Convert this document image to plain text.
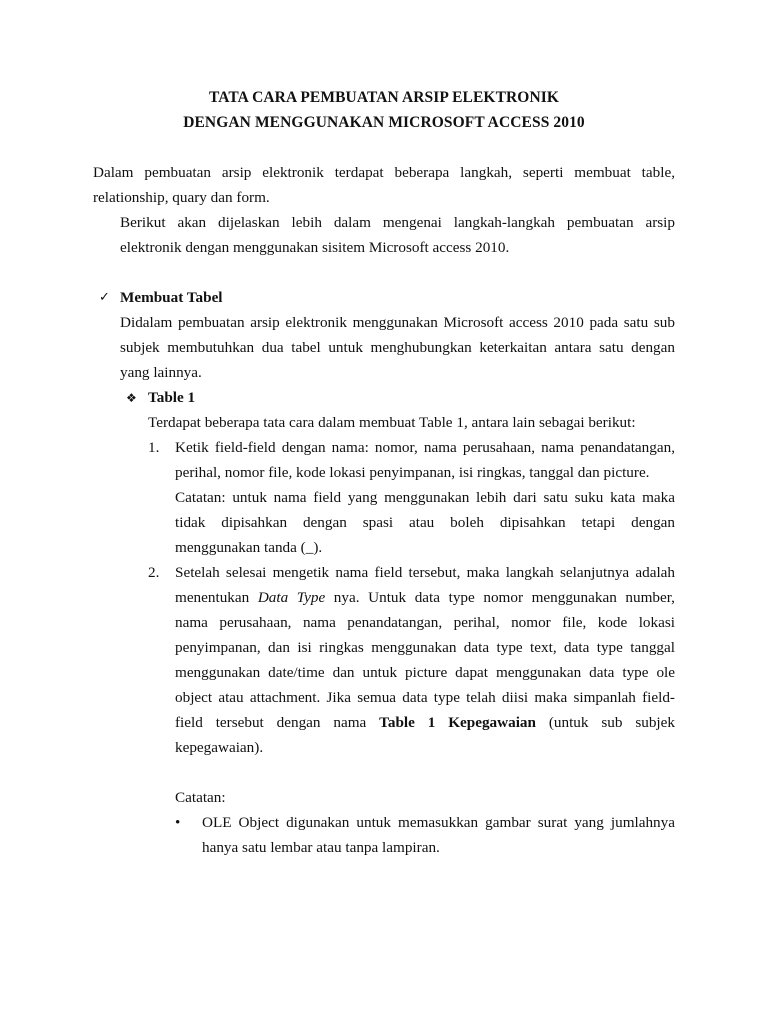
TATA CARA PEMBUATAN ARSIP ELEKTRONIK
DENGAN MENGGUNAKAN MICROSOFT ACCESS 2010
Dalam pembuatan arsip elektronik terdapat beberapa langkah, seperti membuat table,
relationship, quary dan form.
Berikut akan dijelaskan lebih dalam mengenai langkah-langkah pembuatan arsip
elektronik dengan menggunakan sisitem Microsoft access 2010.
✓ Membuat Tabel
Didalam pembuatan arsip elektronik menggunakan Microsoft access 2010 pada satu sub
subjek membutuhkan dua tabel untuk menghubungkan keterkaitan antara satu dengan
yang lainnya.
❖ Table 1
Terdapat beberapa tata cara dalam membuat Table 1, antara lain sebagai berikut:
1. Ketik field-field dengan nama: nomor, nama perusahaan, nama penandatangan,
perihal, nomor file, kode lokasi penyimpanan, isi ringkas, tanggal dan picture.
Catatan: untuk nama field yang menggunakan lebih dari satu suku kata maka
tidak dipisahkan dengan spasi atau boleh dipisahkan tetapi dengan
menggunakan tanda (_).
2. Setelah selesai mengetik nama field tersebut, maka langkah selanjutnya adalah
menentukan Data Type nya. Untuk data type nomor menggunakan number,
nama perusahaan, nama penandatangan, perihal, nomor file, kode lokasi
penyimpanan, dan isi ringkas menggunakan data type text, data type tanggal
menggunakan date/time dan untuk picture dapat menggunakan data type ole
object atau attachment. Jika semua data type telah diisi maka simpanlah field-
field tersebut dengan nama Table 1 Kepegawaian (untuk sub subjek
kepegawaian).
Catatan:
• OLE Object digunakan untuk memasukkan gambar surat yang jumlahnya
hanya satu lembar atau tanpa lampiran.
